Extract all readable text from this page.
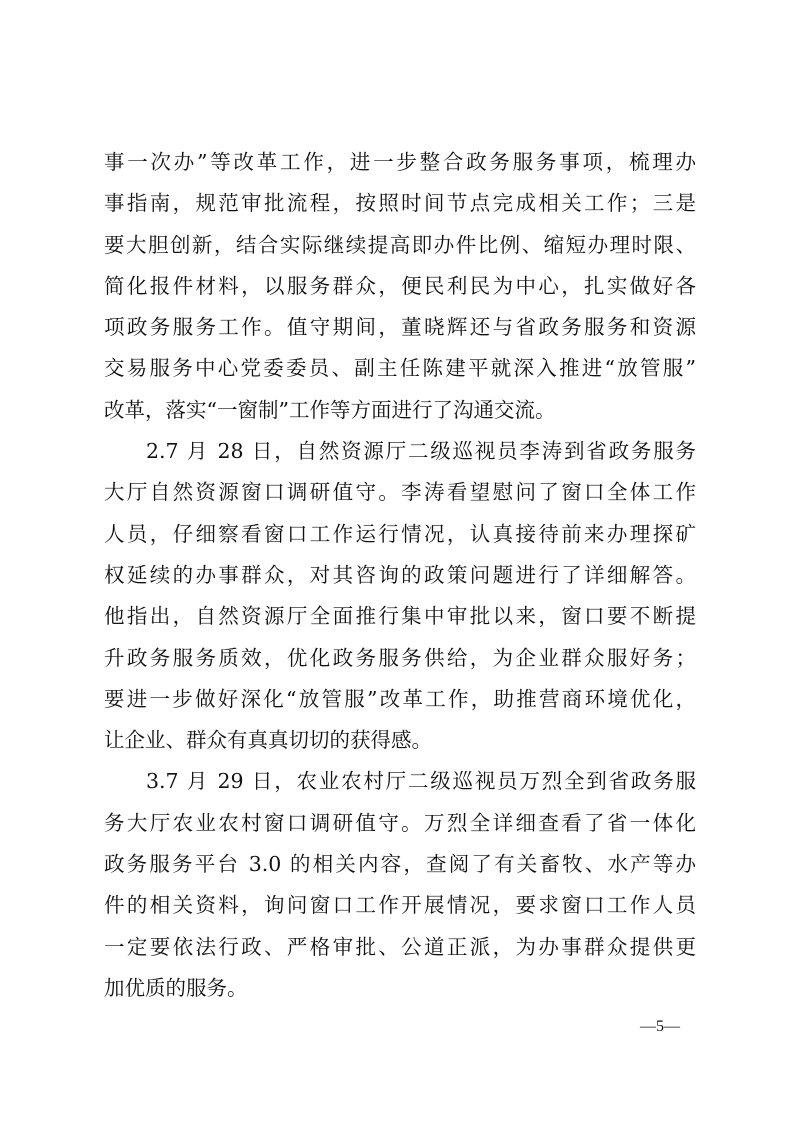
事一次办”等改革工作，进一步整合政务服务事项，梳理办
事指南，规范审批流程，按照时间节点完成相关工作；三是
要大胆创新，结合实际继续提高即办件比例、缩短办理时限、
简化报件材料，以服务群众，便民利民为中心，扎实做好各
项政务服务工作。值守期间，董晓辉还与省政务服务和资源
交易服务中心党委委员、副主任陈建平就深入推进“放管服”
改革，落实“一窗制”工作等方面进行了沟通交流。
2.7 月 28 日，自然资源厅二级巡视员李涛到省政务服务
大厅自然资源窗口调研值守。李涛看望慰问了窗口全体工作
人员，仔细察看窗口工作运行情况，认真接待前来办理探矿
权延续的办事群众，对其咨询的政策问题进行了详细解答。
他指出，自然资源厅全面推行集中审批以来，窗口要不断提
升政务服务质效，优化政务服务供给，为企业群众服好务；
要进一步做好深化“放管服”改革工作，助推营商环境优化，
让企业、群众有真真切切的获得感。
3.7 月 29 日，农业农村厅二级巡视员万烈全到省政务服
务大厅农业农村窗口调研值守。万烈全详细查看了省一体化
政务服务平台 3.0 的相关内容，查阅了有关畜牧、水产等办
件的相关资料，询问窗口工作开展情况，要求窗口工作人员
一定要依法行政、严格审批、公道正派，为办事群众提供更
加优质的服务。
—5—
